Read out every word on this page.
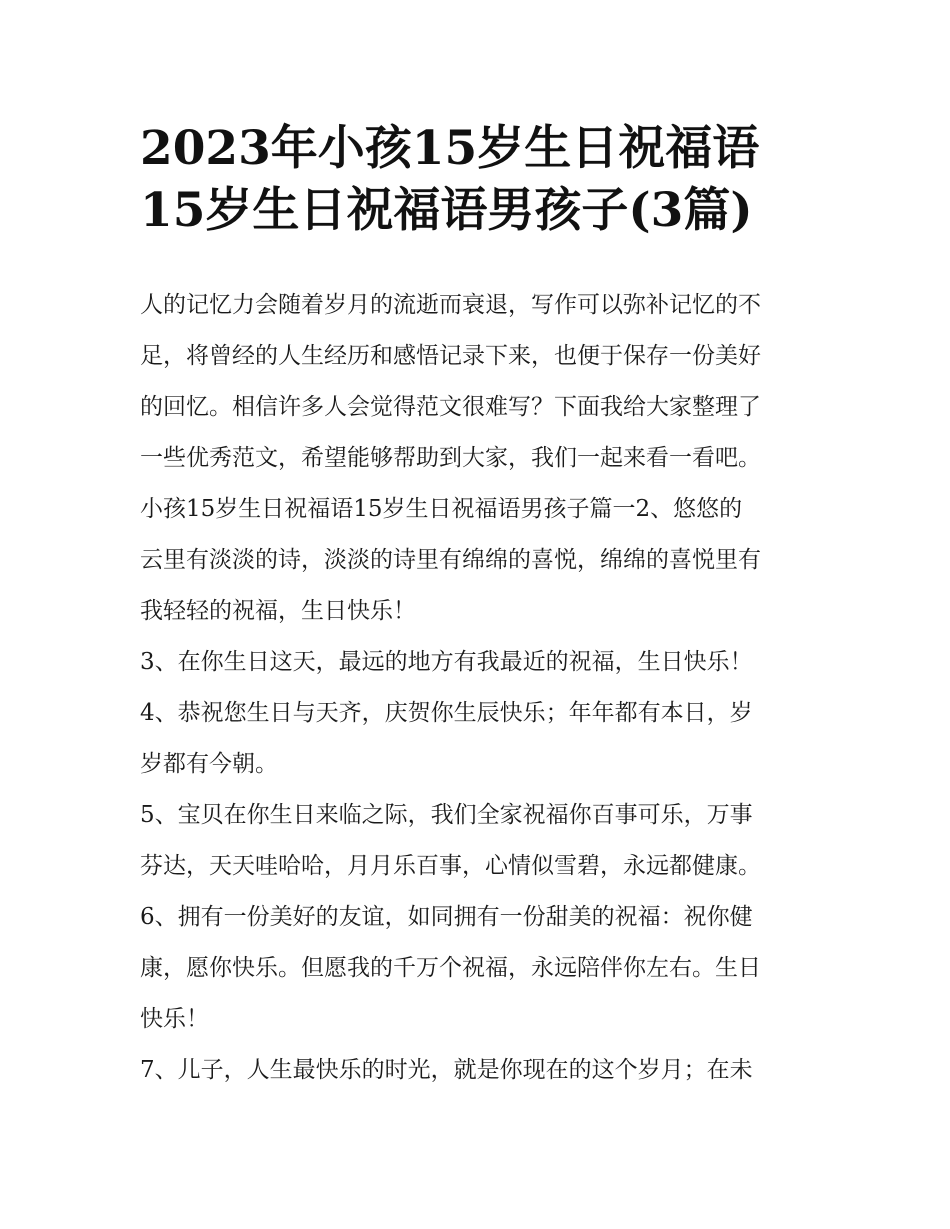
2023年小孩15岁生日祝福语
15岁生日祝福语男孩子(3篇)
人的记忆力会随着岁月的流逝而衰退，写作可以弥补记忆的不
足，将曾经的人生经历和感悟记录下来，也便于保存一份美好
的回忆。相信许多人会觉得范文很难写？下面我给大家整理了
一些优秀范文，希望能够帮助到大家，我们一起来看一看吧。
小孩15岁生日祝福语15岁生日祝福语男孩子篇一2、悠悠的
云里有淡淡的诗，淡淡的诗里有绵绵的喜悦，绵绵的喜悦里有
我轻轻的祝福，生日快乐！
3、在你生日这天，最远的地方有我最近的祝福，生日快乐！
4、恭祝您生日与天齐，庆贺你生辰快乐；年年都有本日，岁
岁都有今朝。
5、宝贝在你生日来临之际，我们全家祝福你百事可乐，万事
芬达，天天哇哈哈，月月乐百事，心情似雪碧，永远都健康。
6、拥有一份美好的友谊，如同拥有一份甜美的祝福：祝你健
康，愿你快乐。但愿我的千万个祝福，永远陪伴你左右。生日
快乐！
7、儿子，人生最快乐的时光，就是你现在的这个岁月；在未
